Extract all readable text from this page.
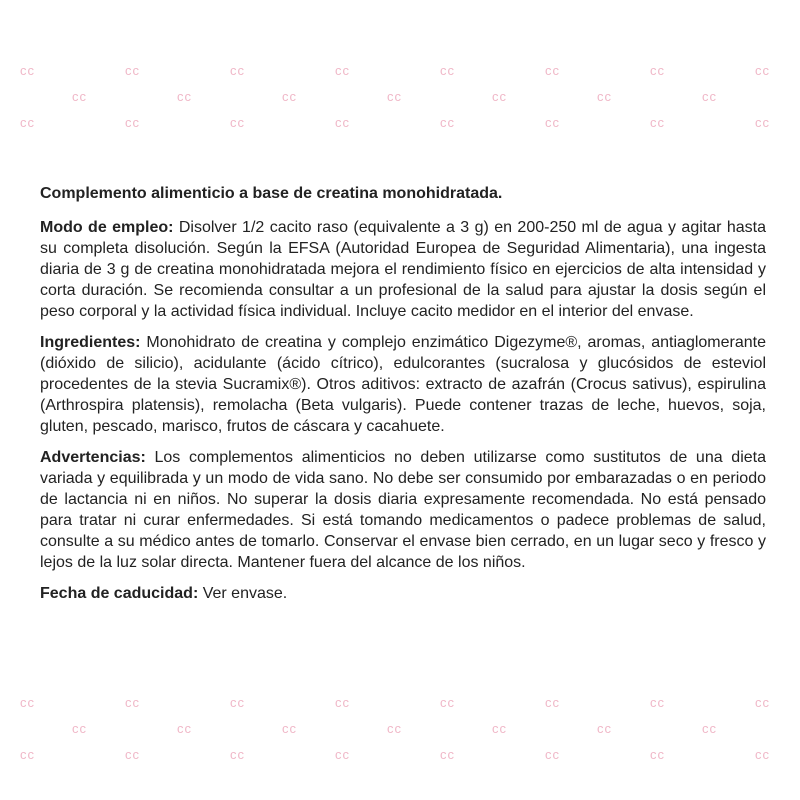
cc	cc	cc	cc	cc	cc	cc	cc
cc	cc	cc	cc	cc	cc	cc
cc	cc	cc	cc	cc	cc	cc	cc

Complemento alimenticio a base de creatina monohidratada.

Modo de empleo: Disolver 1/2 cacito raso (equivalente a 3 g) en 200-250 ml de agua y agitar hasta su completa disolución. Según la EFSA (Autoridad Europea de Seguridad Alimentaria), una ingesta diaria de 3 g de creatina monohidratada mejora el rendimiento físico en ejercicios de alta intensidad y corta duración. Se recomienda consultar a un profesional de la salud para ajustar la dosis según el peso corporal y la actividad física individual. Incluye cacito medidor en el interior del envase.

Ingredientes: Monohidrato de creatina y complejo enzimático Digezyme®, aromas, antiaglomerante (dióxido de silicio), acidulante (ácido cítrico), edulcorantes (sucralosa y glucósidos de esteviol procedentes de la stevia Sucramix®). Otros aditivos: extracto de azafrán (Crocus sativus), espirulina (Arthrospira platensis), remolacha (Beta vulgaris). Puede contener trazas de leche, huevos, soja, gluten, pescado, marisco, frutos de cáscara y cacahuete.

Advertencias: Los complementos alimenticios no deben utilizarse como sustitutos de una dieta variada y equilibrada y un modo de vida sano. No debe ser consumido por embarazadas o en periodo de lactancia ni en niños. No superar la dosis diaria expresamente recomendada. No está pensado para tratar ni curar enfermedades. Si está tomando medicamentos o padece problemas de salud, consulte a su médico antes de tomarlo. Conservar el envase bien cerrado, en un lugar seco y fresco y lejos de la luz solar directa. Mantener fuera del alcance de los niños.

Fecha de caducidad: Ver envase.

cc	cc	cc	cc	cc	cc	cc	cc
cc	cc	cc	cc	cc	cc	cc
cc	cc	cc	cc	cc	cc	cc	cc
